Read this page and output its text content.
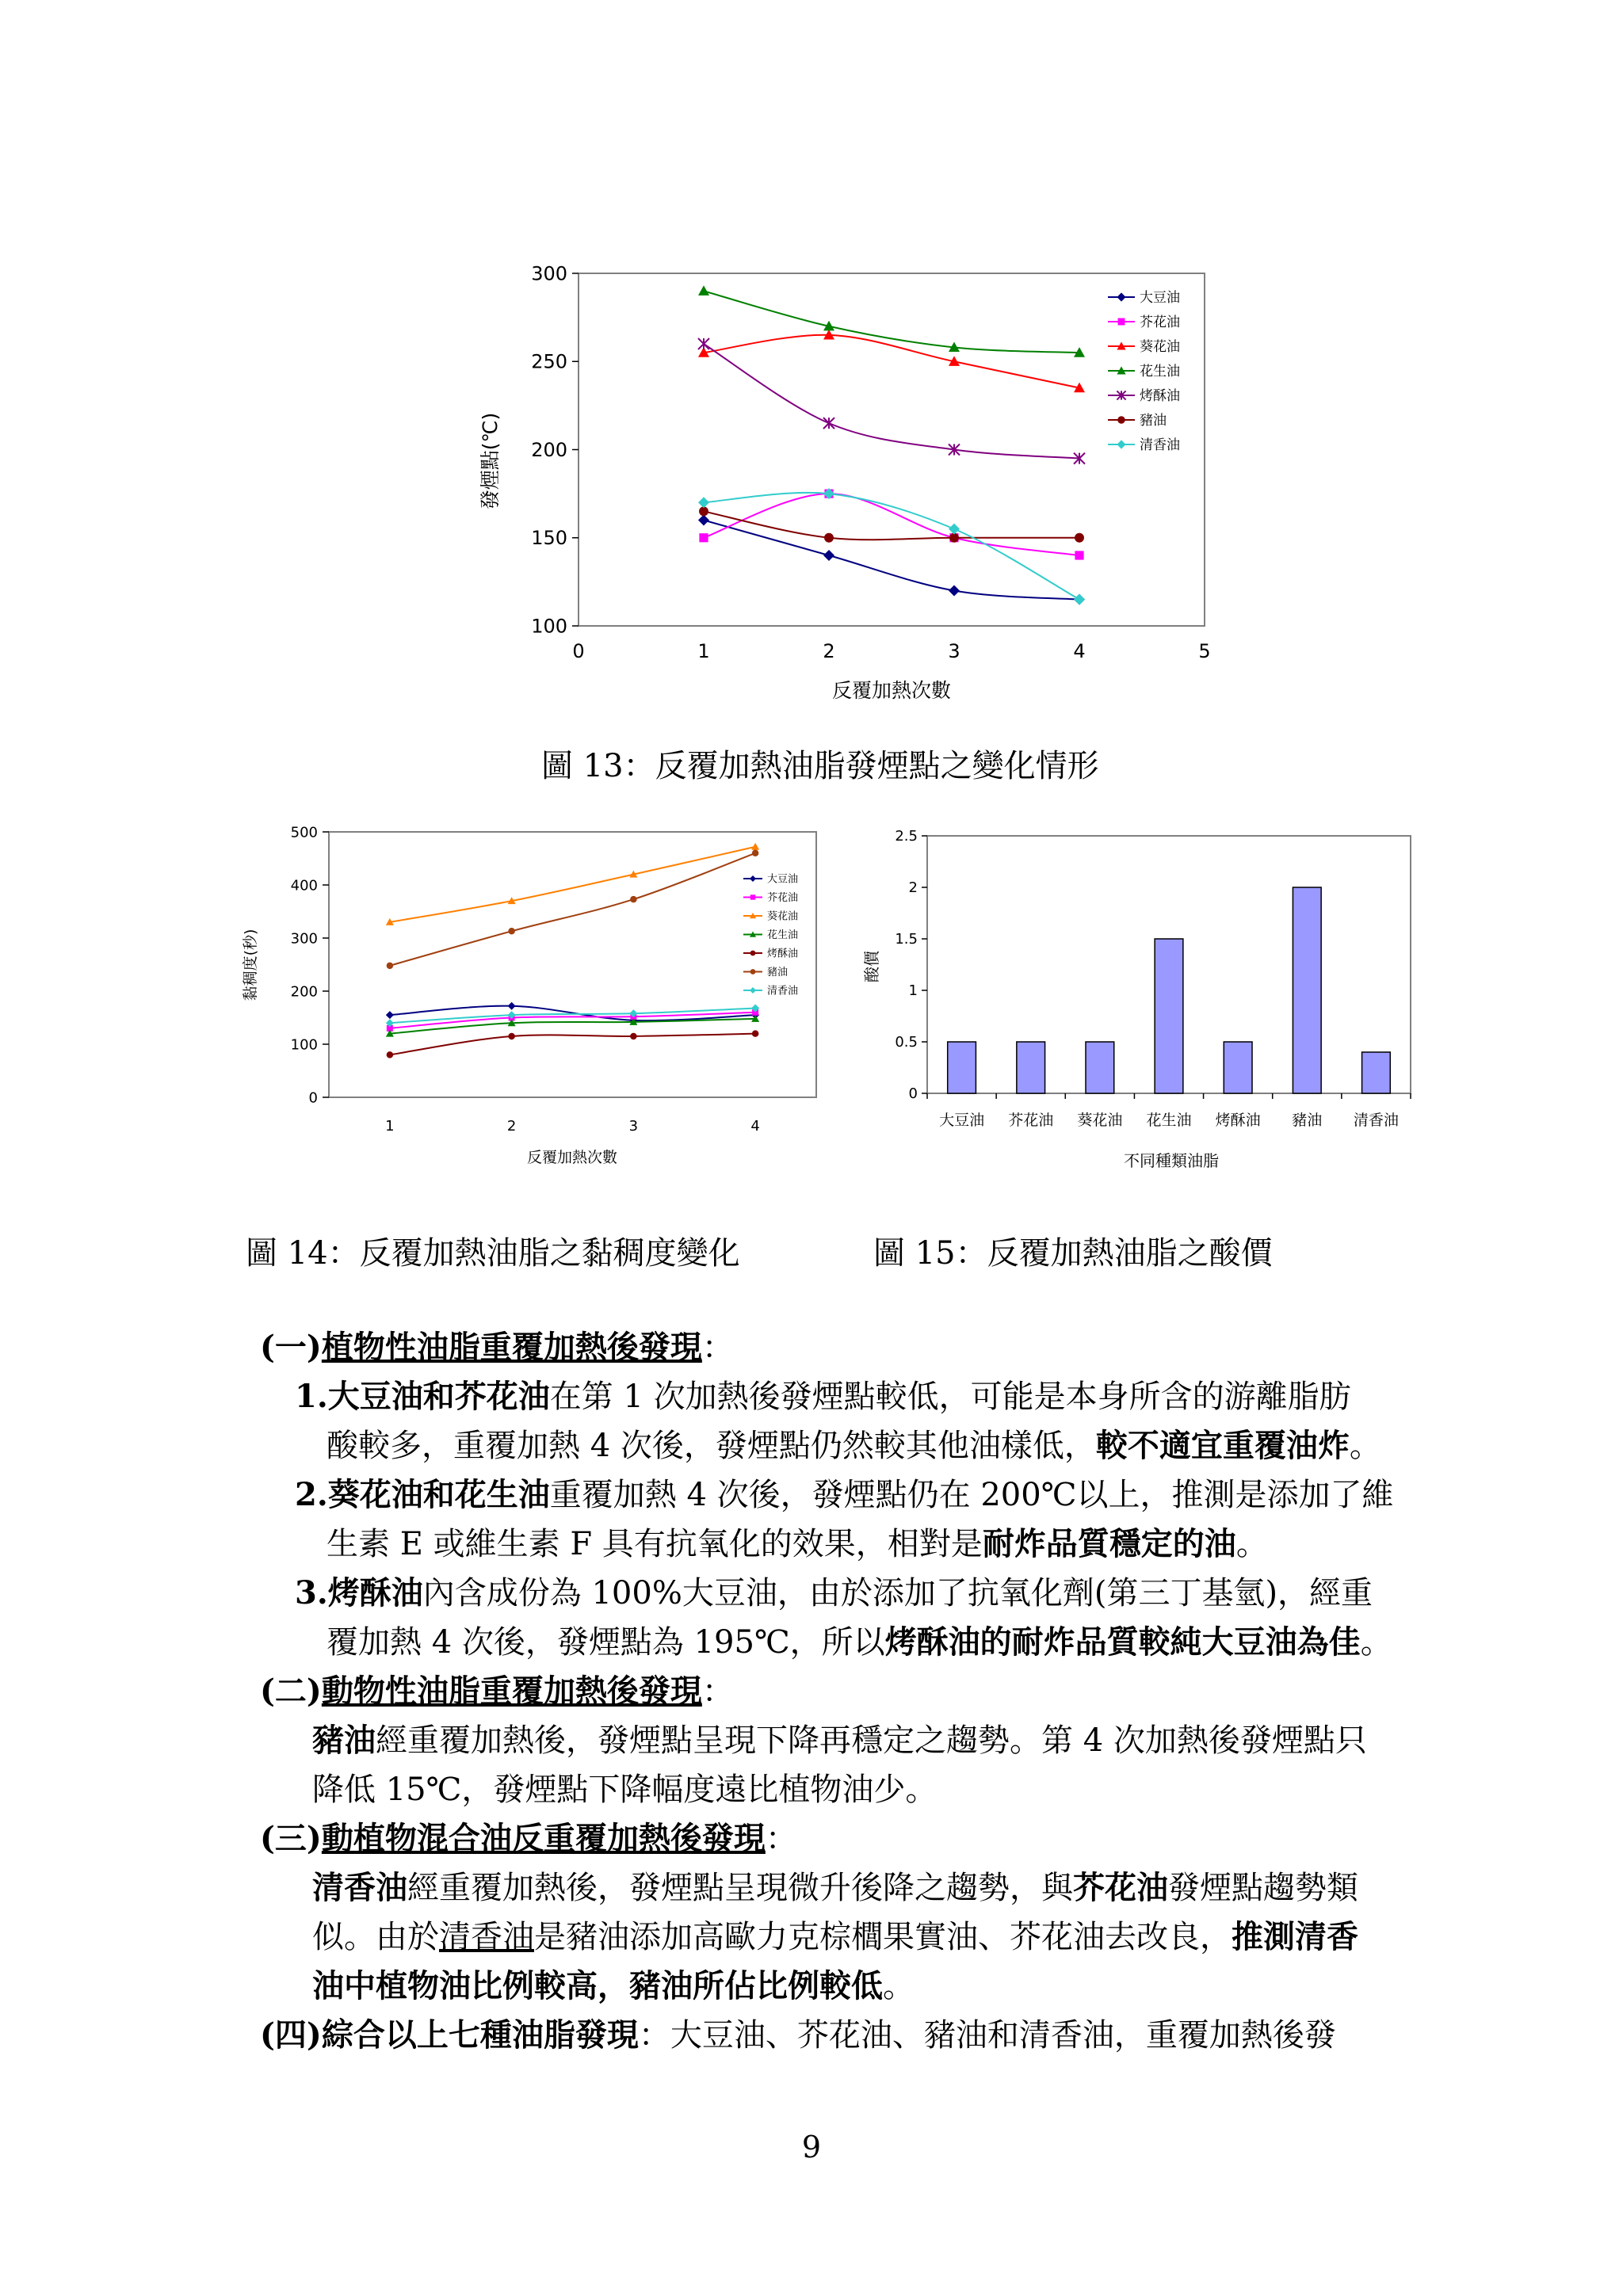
100
150
200
250
300
0	1	2	3	4	5
大豆油
芥花油
葵花油
花生油
烤酥油
豬油
清香油
反覆加熱次數
發煙點(℃)
圖 13：反覆加熱油脂發煙點之變化情形
0
100
200
300
400
500
1	2	3	4
大豆油
芥花油
葵花油
花生油
烤酥油
豬油
清香油
反覆加熱次數
黏稠度(秒)
圖 14：反覆加熱油脂之黏稠度變化
0
0.5
1
1.5
2
2.5
大豆油 芥花油 葵花油 花生油 烤酥油 豬油 清香油
不同種類油脂
酸價
圖 15：反覆加熱油脂之酸價
(一)植物性油脂重覆加熱後發現：
1.大豆油和芥花油在第 1 次加熱後發煙點較低，可能是本身所含的游離脂肪
酸較多，重覆加熱 4 次後，發煙點仍然較其他油樣低，較不適宜重覆油炸。
2.葵花油和花生油重覆加熱 4 次後，發煙點仍在 200℃以上，推測是添加了維
生素 E 或維生素 F 具有抗氧化的效果，相對是耐炸品質穩定的油。
3.烤酥油內含成份為 100%大豆油，由於添加了抗氧化劑(第三丁基氫)，經重
覆加熱 4 次後，發煙點為 195℃，所以烤酥油的耐炸品質較純大豆油為佳。
(二)動物性油脂重覆加熱後發現：
豬油經重覆加熱後，發煙點呈現下降再穩定之趨勢。第 4 次加熱後發煙點只
降低 15℃，發煙點下降幅度遠比植物油少。
(三)動植物混合油反重覆加熱後發現：
清香油經重覆加熱後，發煙點呈現微升後降之趨勢，與芥花油發煙點趨勢類
似。由於清香油是豬油添加高歐力克棕櫚果實油、芥花油去改良，推測清香
油中植物油比例較高，豬油所佔比例較低。
(四)綜合以上七種油脂發現：大豆油、芥花油、豬油和清香油，重覆加熱後發
9
